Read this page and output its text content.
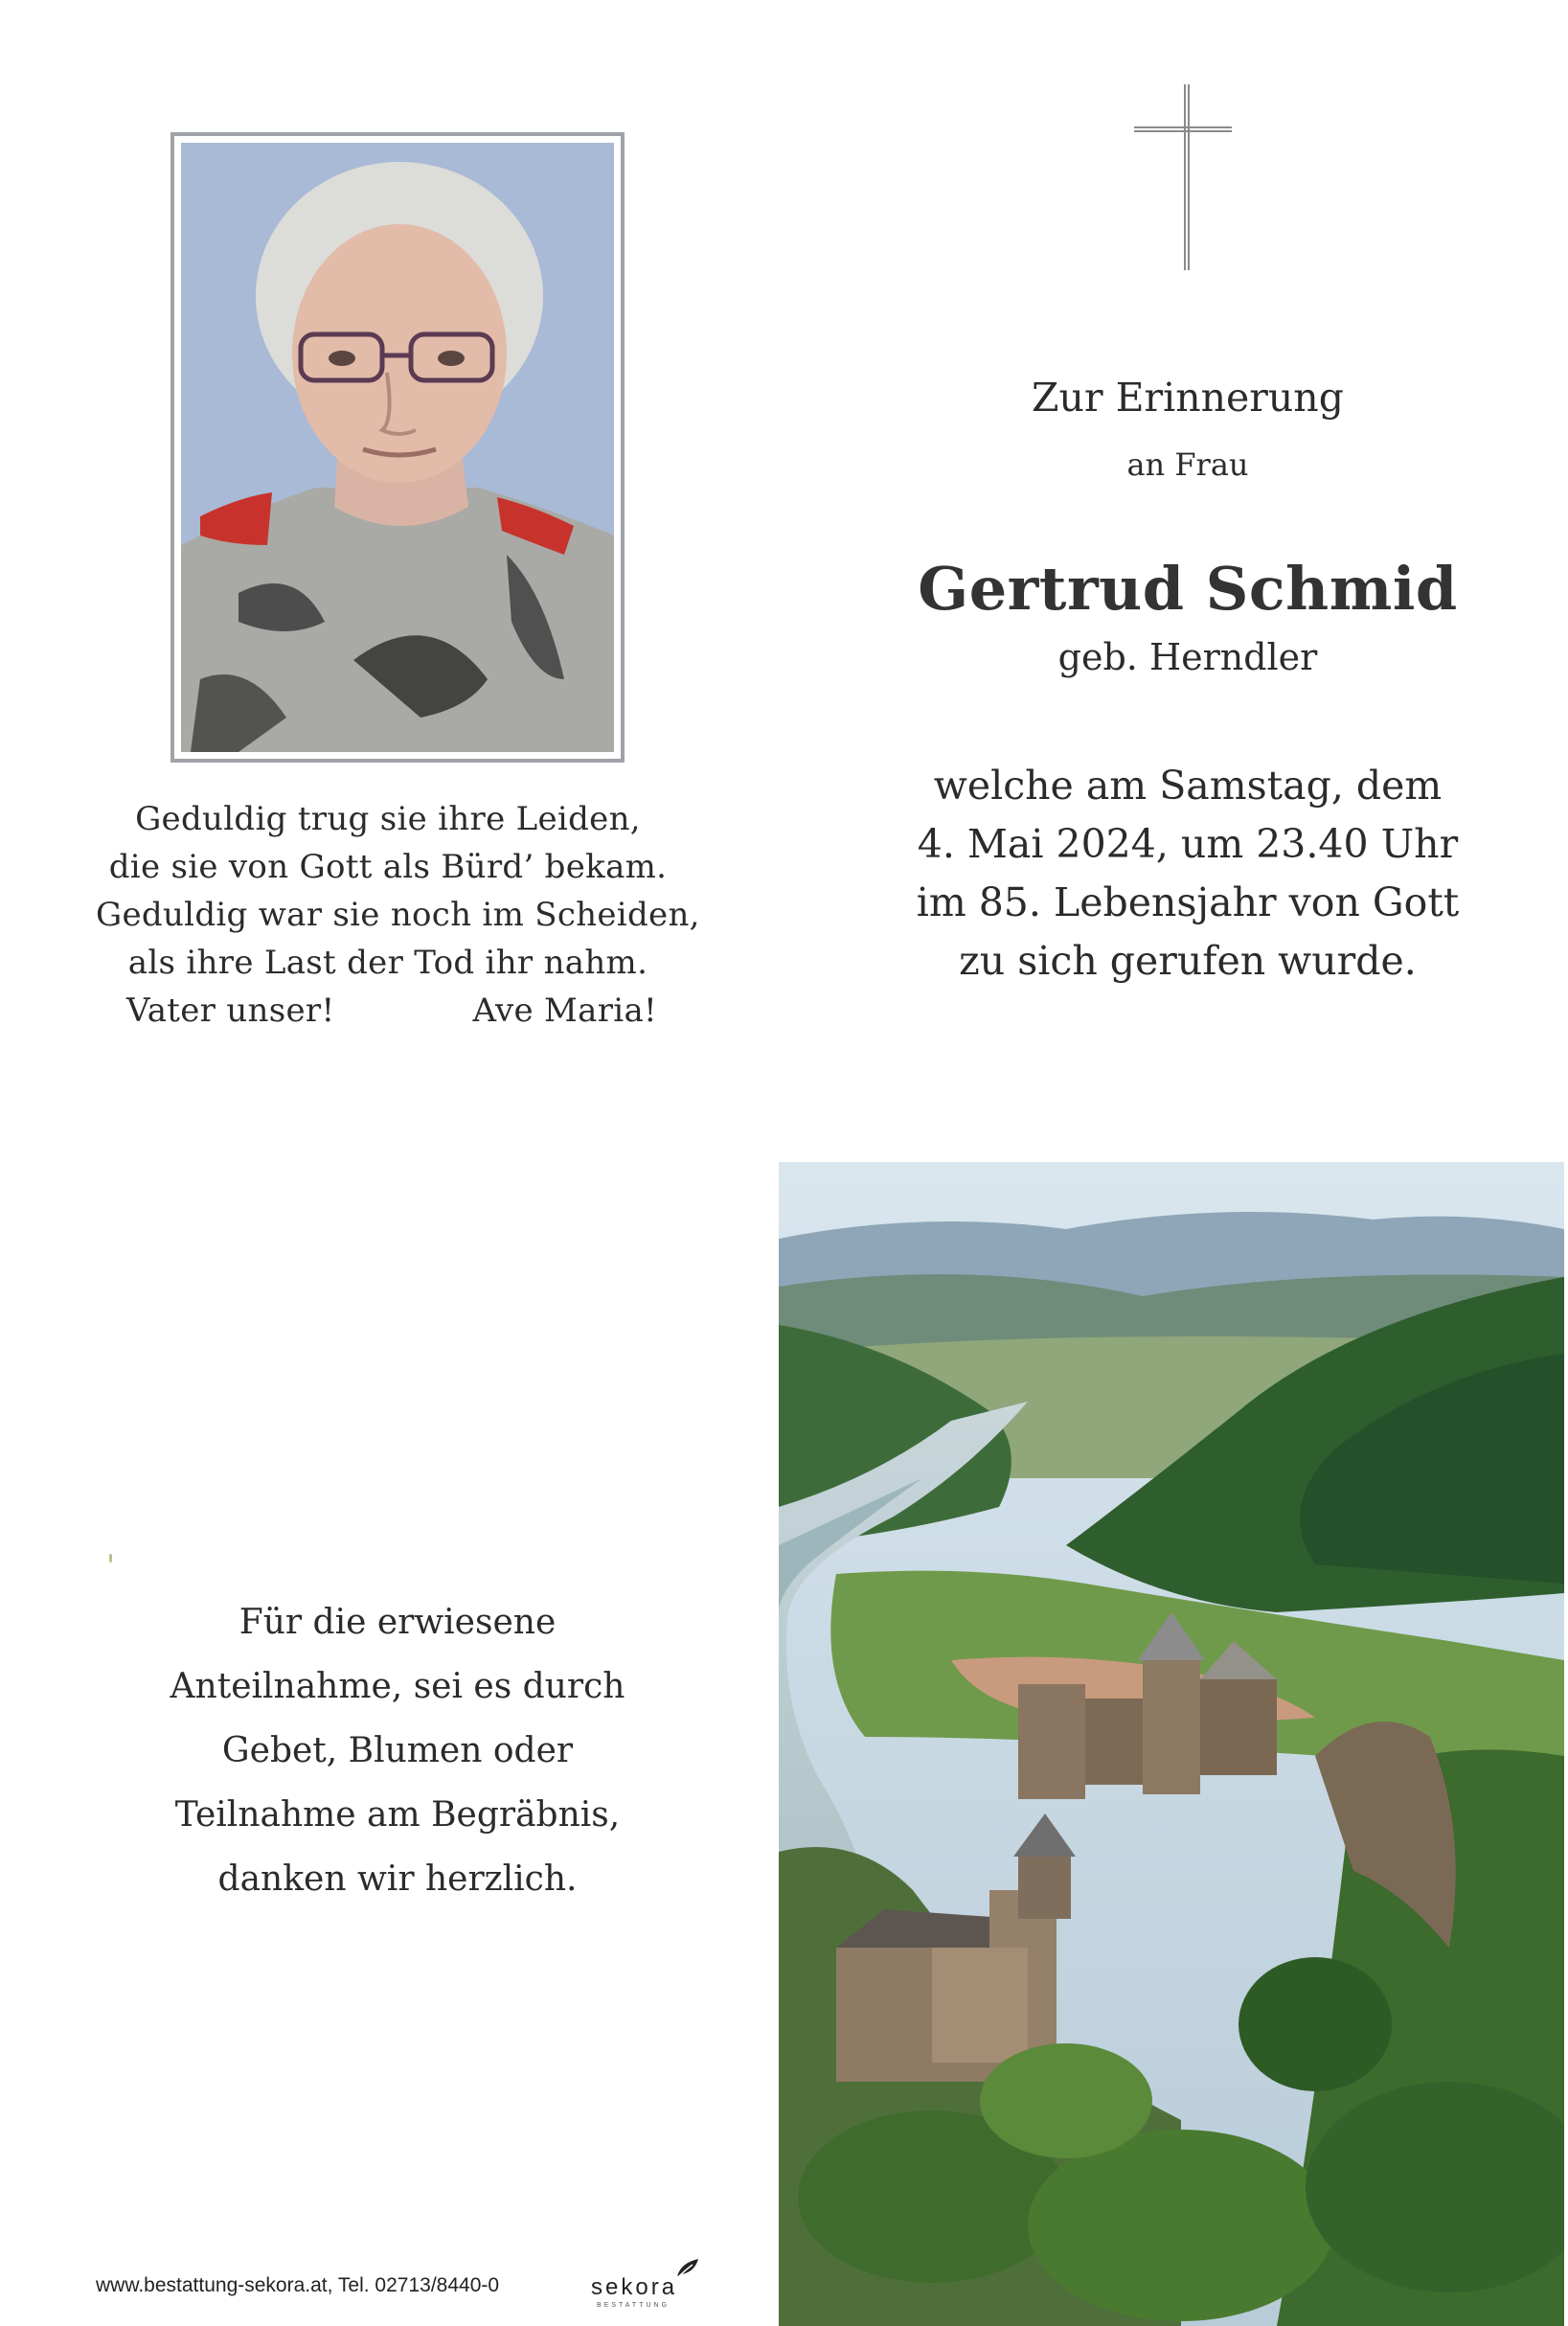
Geduldig trug sie ihre Leiden,
die sie von Gott als Bürd’ bekam.
Geduldig war sie noch im Scheiden,
als ihre Last der Tod ihr nahm.
Vater unser!	Ave Maria!
Zur Erinnerung
an Frau
Gertrud Schmid
geb. Herndler
welche am Samstag, dem
4. Mai 2024, um 23.40 Uhr
im 85. Lebensjahr von Gott
zu sich gerufen wurde.
Für die erwiesene
Anteilnahme, sei es durch
Gebet, Blumen oder
Teilnahme am Begräbnis,
danken wir herzlich.
www.bestattung-sekora.at, Tel. 02713/8440-0	sekora
BESTATTUNG
